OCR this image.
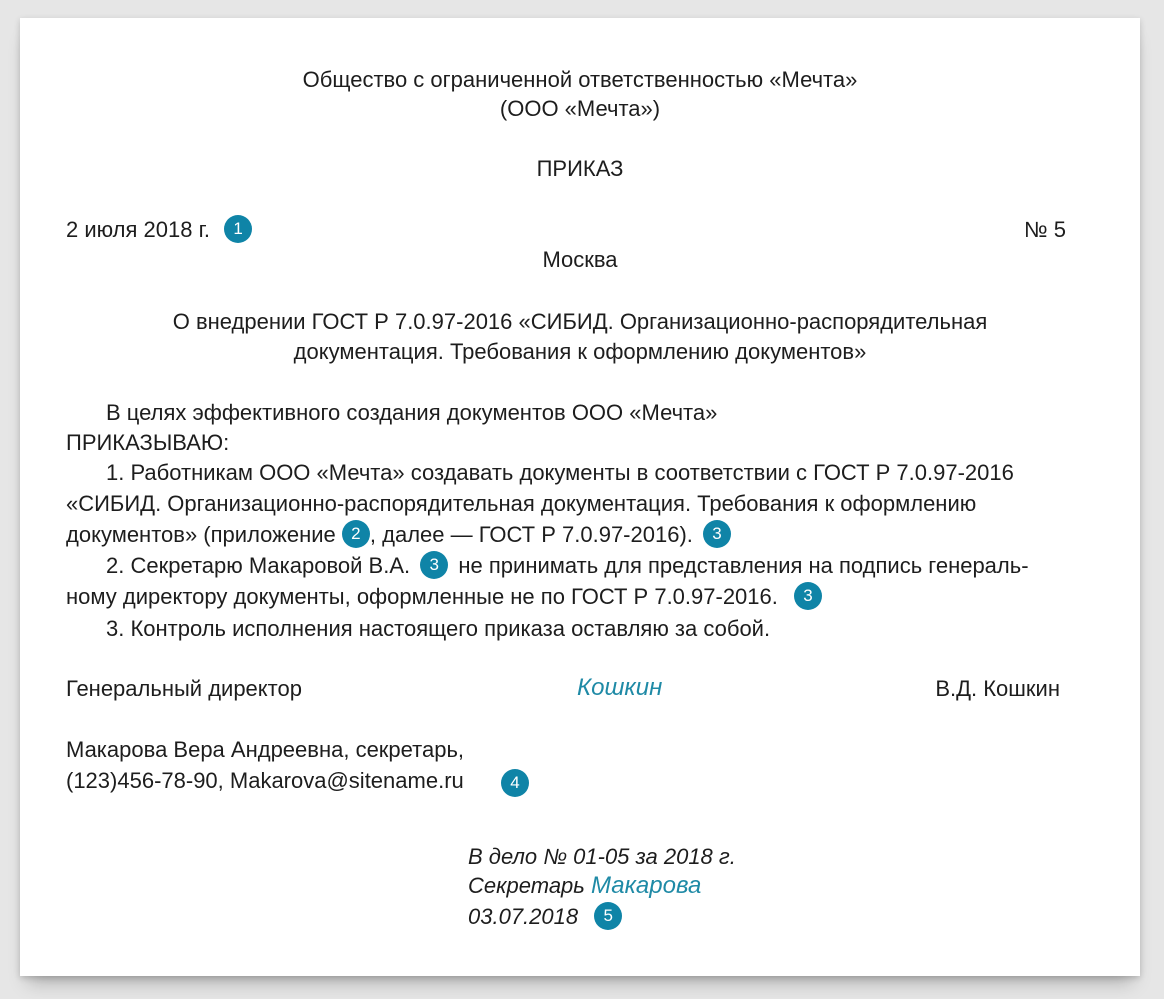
Общество с ограниченной ответственностью «Мечта»
(ООО «Мечта»)
ПРИКАЗ
2 июля 2018 г. 1	№ 5
Москва
О внедрении ГОСТ Р 7.0.97-2016 «СИБИД. Организационно-распорядительная
документация. Требования к оформлению документов»
В целях эффективного создания документов ООО «Мечта»
ПРИКАЗЫВАЮ:
1. Работникам ООО «Мечта» создавать документы в соответствии с ГОСТ Р 7.0.97-2016
«СИБИД. Организационно-распорядительная документация. Требования к оформлению
документов» (приложение 2 , далее — ГОСТ Р 7.0.97-2016). 3
2. Секретарю Макаровой В.А. 3 не принимать для представления на подпись генераль-
ному директору документы, оформленные не по ГОСТ Р 7.0.97-2016. 3
3. Контроль исполнения настоящего приказа оставляю за собой.
Генеральный директор	Кошкин	В.Д. Кошкин
Макарова Вера Андреевна, секретарь,
(123)456-78-90, Makarova@sitename.ru	4
В дело № 01-05 за 2018 г.
Секретарь Макарова
03.07.2018 5
